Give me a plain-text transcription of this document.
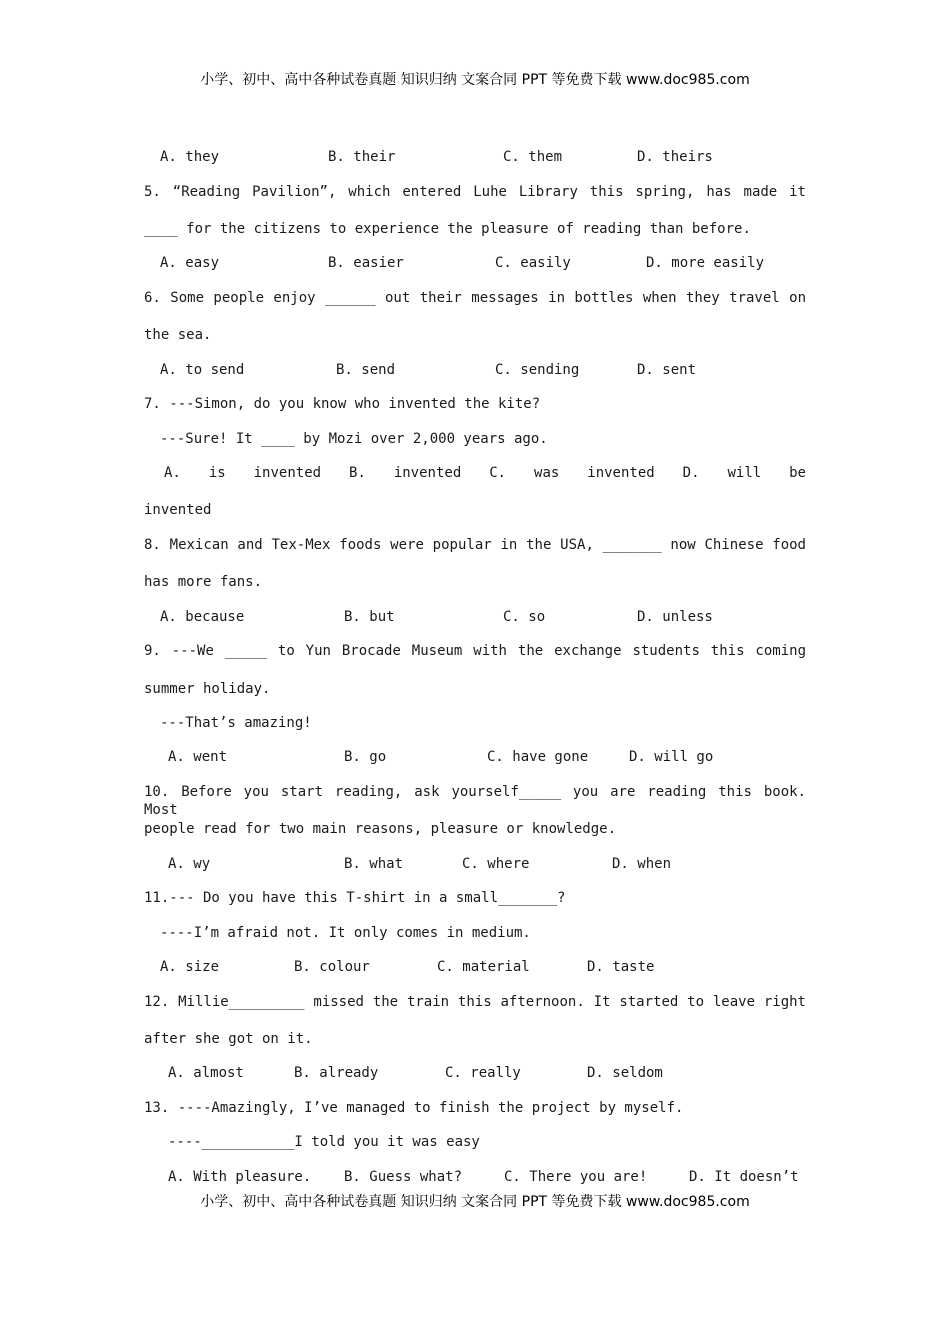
小学、初中、高中各种试卷真题 知识归纳 文案合同 PPT 等免费下载 www.doc985.com
A. they	B. their	C. them	D. theirs
5. “Reading Pavilion”, which entered Luhe Library this spring, has made it
____ for the citizens to experience the pleasure of reading than before.
A. easy	B. easier	C. easily	D. more easily
6. Some people enjoy ______ out their messages in bottles when they travel on
the sea.
A. to send	B. send	C. sending	D. sent
7. ---Simon, do you know who invented the kite?
---Sure! It ____ by Mozi over 2,000 years ago.
A. is invented B. invented C. was invented D. will be
invented
8. Mexican and Tex-Mex foods were popular in the USA, _______ now Chinese food
has more fans.
A. because	B. but	C. so	D. unless
9. ---We _____ to Yun Brocade Museum with the exchange students this coming
summer holiday.
---That’s amazing!
A. went	B. go	C. have gone	D. will go
10. Before you start reading, ask yourself_____ you are reading this book. Most
people read for two main reasons, pleasure or knowledge.
A. wy	B. what	C. where	D. when
11.--- Do you have this T-shirt in a small_______?
----I’m afraid not. It only comes in medium.
A. size	B. colour	C. material	D. taste
12. Millie_________ missed the train this afternoon. It started to leave right
after she got on it.
A. almost	B. already	C. really	D. seldom
13. ----Amazingly, I’ve managed to finish the project by myself.
----___________I told you it was easy
A. With pleasure. B. Guess what?	C. There you are!	D. It doesn’t
小学、初中、高中各种试卷真题 知识归纳 文案合同 PPT 等免费下载 www.doc985.com
